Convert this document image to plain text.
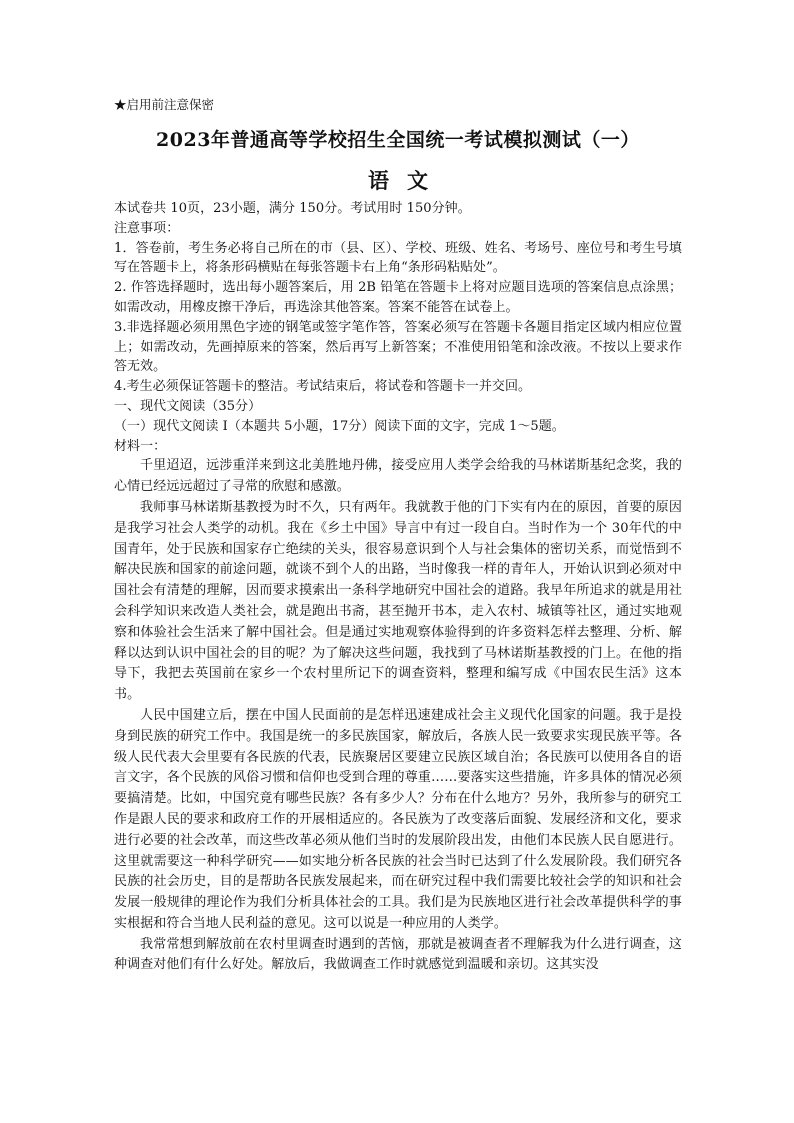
★启用前注意保密

2023年普通高等学校招生全国统一考试模拟测试（一）
语文

本试卷共 10页，23小题，满分 150分。考试用时 150分钟。

注意事项：

1．答卷前，考生务必将自己所在的市（县、区）、学校、班级、姓名、考场号、座位号和考生号填写在答题卡上，将条形码横贴在每张答题卡右上角“条形码粘贴处”。

2. 作答选择题时，选出每小题答案后，用 2B 铅笔在答题卡上将对应题目选项的答案信息点涂黑；如需改动，用橡皮擦干净后，再选涂其他答案。答案不能答在试卷上。

3.非选择题必须用黑色字迹的钢笔或签字笔作答，答案必须写在答题卡各题目指定区域内相应位置上；如需改动，先画掉原来的答案，然后再写上新答案；不准使用铅笔和涂改液。不按以上要求作答无效。

4.考生必须保证答题卡的整洁。考试结束后，将试卷和答题卡一并交回。

一、现代文阅读（35分）

（一）现代文阅读 I（本题共 5小题，17分）阅读下面的文字，完成 1～5题。

材料一：

千里迢迢，远涉重洋来到这北美胜地丹佛，接受应用人类学会给我的马林诺斯基纪念奖，我的心情已经远远超过了寻常的欣慰和感激。

我师事马林诺斯基教授为时不久，只有两年。我就教于他的门下实有内在的原因，首要的原因是我学习社会人类学的动机。我在《乡土中国》导言中有过一段自白。当时作为一个 30年代的中国青年，处于民族和国家存亡绝续的关头，很容易意识到个人与社会集体的密切关系，而觉悟到不解决民族和国家的前途问题，就谈不到个人的出路，当时像我一样的青年人，开始认识到必须对中国社会有清楚的理解，因而要求摸索出一条科学地研究中国社会的道路。我早年所追求的就是用社会科学知识来改造人类社会，就是跑出书斋，甚至抛开书本，走入农村、城镇等社区，通过实地观察和体验社会生活来了解中国社会。但是通过实地观察体验得到的许多资料怎样去整理、分析、解释以达到认识中国社会的目的呢？为了解决这些问题，我找到了马林诺斯基教授的门上。在他的指导下，我把去英国前在家乡一个农村里所记下的调查资料，整理和编写成《中国农民生活》这本书。

人民中国建立后，摆在中国人民面前的是怎样迅速建成社会主义现代化国家的问题。我于是投身到民族的研究工作中。我国是统一的多民族国家，解放后，各族人民一致要求实现民族平等。各级人民代表大会里要有各民族的代表，民族聚居区要建立民族区域自治；各民族可以使用各自的语言文字，各个民族的风俗习惯和信仰也受到合理的尊重……要落实这些措施，许多具体的情况必须要搞清楚。比如，中国究竟有哪些民族？各有多少人？分布在什么地方？另外，我所参与的研究工作是跟人民的要求和政府工作的开展相适应的。各民族为了改变落后面貌、发展经济和文化，要求进行必要的社会改革，而这些改革必须从他们当时的发展阶段出发，由他们本民族人民自愿进行。这里就需要这一种科学研究——如实地分析各民族的社会当时已达到了什么发展阶段。我们研究各民族的社会历史，目的是帮助各民族发展起来，而在研究过程中我们需要比较社会学的知识和社会发展一般规律的理论作为我们分析具体社会的工具。我们是为民族地区进行社会改革提供科学的事实根据和符合当地人民利益的意见。这可以说是一种应用的人类学。

我常常想到解放前在农村里调查时遇到的苦恼，那就是被调查者不理解我为什么进行调查，这种调查对他们有什么好处。解放后，我做调查工作时就感觉到温暖和亲切。这其实没
